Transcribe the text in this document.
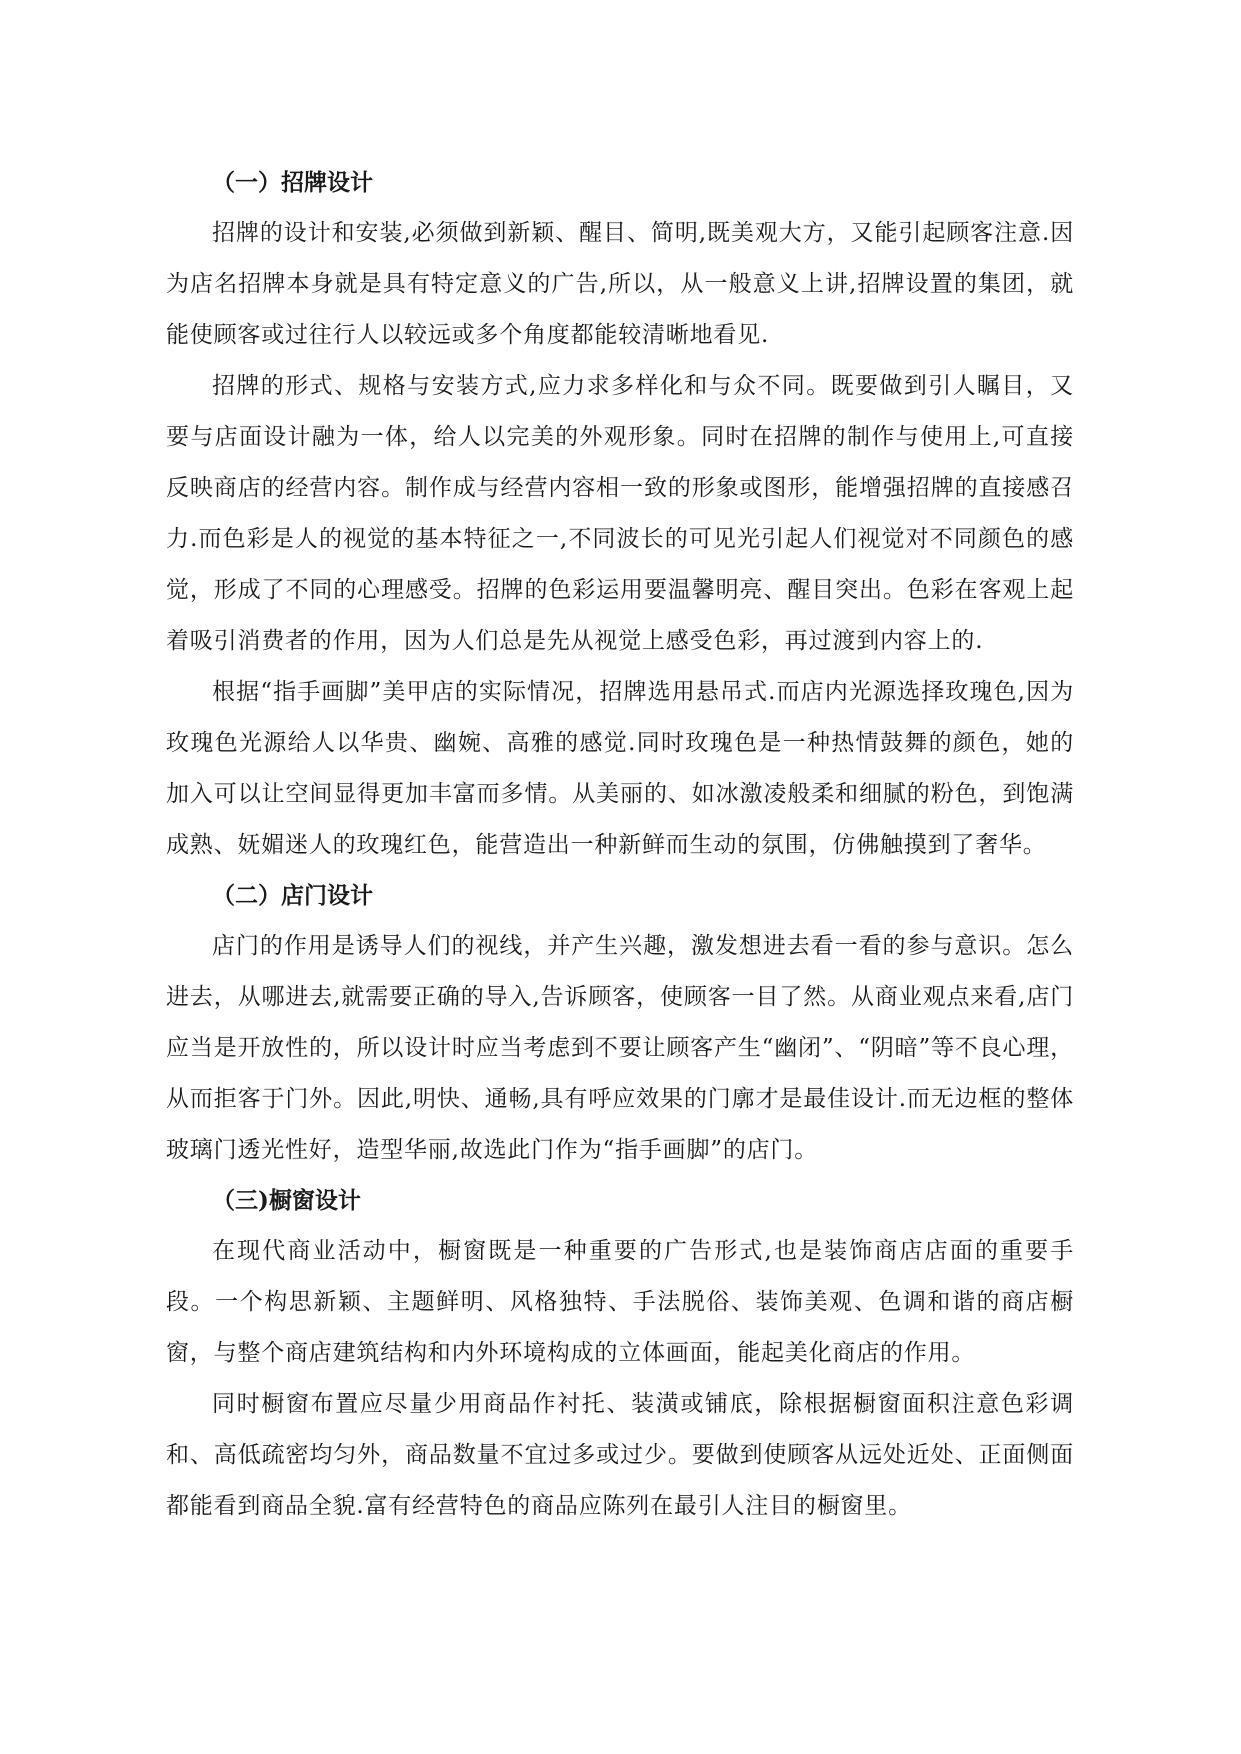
（一）招牌设计

招牌的设计和安装,必须做到新颖、醒目、简明,既美观大方，又能引起顾客注意.因为店名招牌本身就是具有特定意义的广告,所以，从一般意义上讲,招牌设置的集团，就能使顾客或过往行人以较远或多个角度都能较清晰地看见.

招牌的形式、规格与安装方式,应力求多样化和与众不同。既要做到引人瞩目，又要与店面设计融为一体，给人以完美的外观形象。同时在招牌的制作与使用上,可直接反映商店的经营内容。制作成与经营内容相一致的形象或图形，能增强招牌的直接感召力.而色彩是人的视觉的基本特征之一,不同波长的可见光引起人们视觉对不同颜色的感觉，形成了不同的心理感受。招牌的色彩运用要温馨明亮、醒目突出。色彩在客观上起着吸引消费者的作用，因为人们总是先从视觉上感受色彩，再过渡到内容上的.

根据“指手画脚”美甲店的实际情况，招牌选用悬吊式.而店内光源选择玫瑰色,因为玫瑰色光源给人以华贵、幽婉、高雅的感觉.同时玫瑰色是一种热情鼓舞的颜色，她的加入可以让空间显得更加丰富而多情。从美丽的、如冰激凌般柔和细腻的粉色，到饱满成熟、妩媚迷人的玫瑰红色，能营造出一种新鲜而生动的氛围，仿佛触摸到了奢华。

（二）店门设计

店门的作用是诱导人们的视线，并产生兴趣，激发想进去看一看的参与意识。怎么进去，从哪进去,就需要正确的导入,告诉顾客，使顾客一目了然。从商业观点来看,店门应当是开放性的，所以设计时应当考虑到不要让顾客产生“幽闭”、“阴暗”等不良心理，从而拒客于门外。因此,明快、通畅,具有呼应效果的门廓才是最佳设计.而无边框的整体玻璃门透光性好，造型华丽,故选此门作为“指手画脚”的店门。

（三)橱窗设计

在现代商业活动中，橱窗既是一种重要的广告形式,也是装饰商店店面的重要手段。一个构思新颖、主题鲜明、风格独特、手法脱俗、装饰美观、色调和谐的商店橱窗，与整个商店建筑结构和内外环境构成的立体画面，能起美化商店的作用。

同时橱窗布置应尽量少用商品作衬托、装潢或铺底，除根据橱窗面积注意色彩调和、高低疏密均匀外，商品数量不宜过多或过少。要做到使顾客从远处近处、正面侧面都能看到商品全貌.富有经营特色的商品应陈列在最引人注目的橱窗里。
